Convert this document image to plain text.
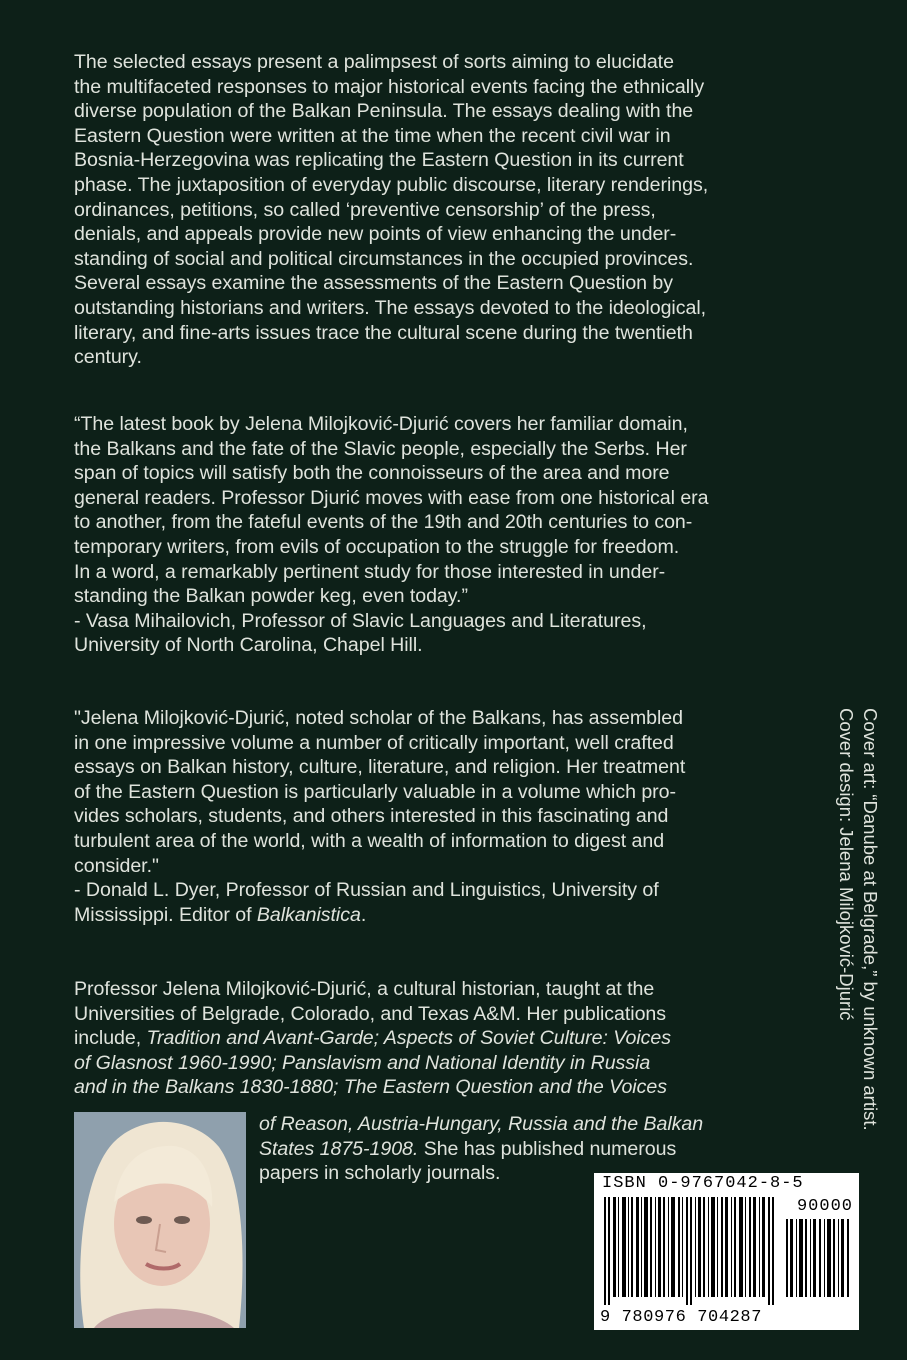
The selected essays present a palimpsest of sorts aiming to elucidate
the multifaceted responses to major historical events facing the ethnically
diverse population of the Balkan Peninsula. The essays dealing with the
Eastern Question were written at the time when the recent civil war in
Bosnia-Herzegovina was replicating the Eastern Question in its current
phase. The juxtaposition of everyday public discourse, literary renderings,
ordinances, petitions, so called ‘preventive censorship’ of the press,
denials, and appeals provide new points of view enhancing the under-
standing of social and political circumstances in the occupied provinces.
Several essays examine the assessments of the Eastern Question by
outstanding historians and writers. The essays devoted to the ideological,
literary, and fine-arts issues trace the cultural scene during the twentieth
century.
“The latest book by Jelena Milojković-Djurić covers her familiar domain,
the Balkans and the fate of the Slavic people, especially the Serbs. Her
span of topics will satisfy both the connoisseurs of the area and more
general readers. Professor Djurić moves with ease from one historical era
to another, from the fateful events of the 19th and 20th centuries to con-
temporary writers, from evils of occupation to the struggle for freedom.
In a word, a remarkably pertinent study for those interested in under-
standing the Balkan powder keg, even today.”
- Vasa Mihailovich, Professor of Slavic Languages and Literatures,
University of North Carolina, Chapel Hill.
"Jelena Milojković-Djurić, noted scholar of the Balkans, has assembled
in one impressive volume a number of critically important, well crafted
essays on Balkan history, culture, literature, and religion. Her treatment
of the Eastern Question is particularly valuable in a volume which pro-
vides scholars, students, and others interested in this fascinating and
turbulent area of the world, with a wealth of information to digest and
consider."
- Donald L. Dyer, Professor of Russian and Linguistics, University of
Mississippi. Editor of Balkanistica.
Professor Jelena Milojković-Djurić, a cultural historian, taught at the
Universities of Belgrade, Colorado, and Texas A&M. Her publications
include, Tradition and Avant-Garde; Aspects of Soviet Culture: Voices
of Glasnost 1960-1990; Panslavism and National Identity in Russia
and in the Balkans 1830-1880; The Eastern Question and the Voices
of Reason, Austria-Hungary, Russia and the Balkan
States 1875-1908. She has published numerous
papers in scholarly journals.
Cover art: “Danube at Belgrade,” by unknown artist.
Cover design: Jelena Milojković-Djurić
ISBN 0-9767042-8-5
90000
9 780976 704287
